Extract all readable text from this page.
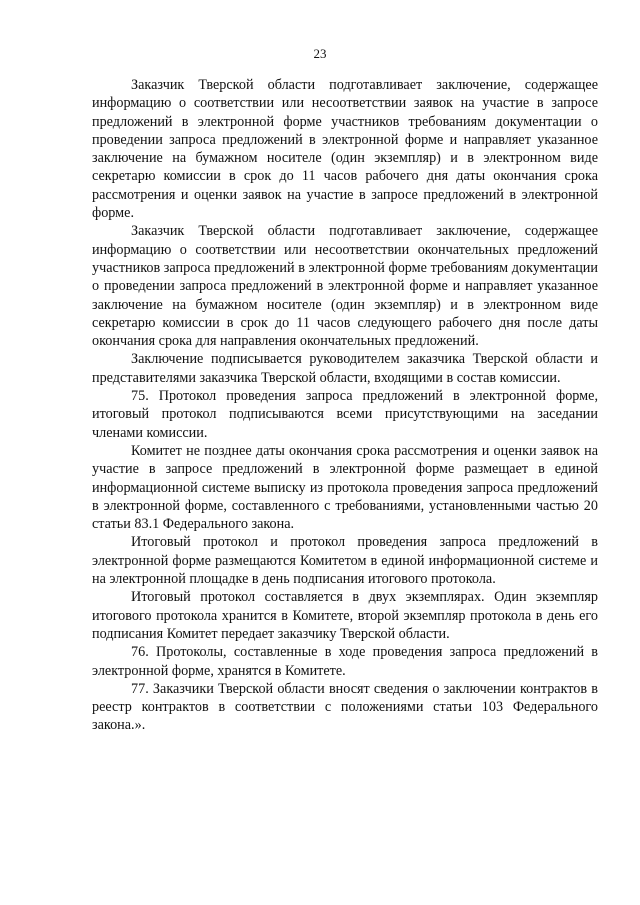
23

Заказчик Тверской области подготавливает заключение, содержащее информацию о соответствии или несоответствии заявок на участие в запросе предложений в электронной форме участников требованиям документации о проведении запроса предложений в электронной форме и направляет указанное заключение на бумажном носителе (один экземпляр) и в электронном виде секретарю комиссии в срок до 11 часов рабочего дня даты окончания срока рассмотрения и оценки заявок на участие в запросе предложений в электронной форме.

Заказчик Тверской области подготавливает заключение, содержащее информацию о соответствии или несоответствии окончательных предложений участников запроса предложений в электронной форме требованиям документации о проведении запроса предложений в электронной форме и направляет указанное заключение на бумажном носителе (один экземпляр) и в электронном виде секретарю комиссии в срок до 11 часов следующего рабочего дня после даты окончания срока для направления окончательных предложений.

Заключение подписывается руководителем заказчика Тверской области и представителями заказчика Тверской области, входящими в состав комиссии.

75. Протокол проведения запроса предложений в электронной форме, итоговый протокол подписываются всеми присутствующими на заседании членами комиссии.

Комитет не позднее даты окончания срока рассмотрения и оценки заявок на участие в запросе предложений в электронной форме размещает в единой информационной системе выписку из протокола проведения запроса предложений в электронной форме, составленного с требованиями, установленными частью 20 статьи 83.1 Федерального закона.

Итоговый протокол и протокол проведения запроса предложений в электронной форме размещаются Комитетом в единой информационной системе и на электронной площадке в день подписания итогового протокола.

Итоговый протокол составляется в двух экземплярах. Один экземпляр итогового протокола хранится в Комитете, второй экземпляр протокола в день его подписания Комитет передает заказчику Тверской области.

76. Протоколы, составленные в ходе проведения запроса предложений в электронной форме, хранятся в Комитете.

77. Заказчики Тверской области вносят сведения о заключении контрактов в реестр контрактов в соответствии с положениями статьи 103 Федерального закона.».
